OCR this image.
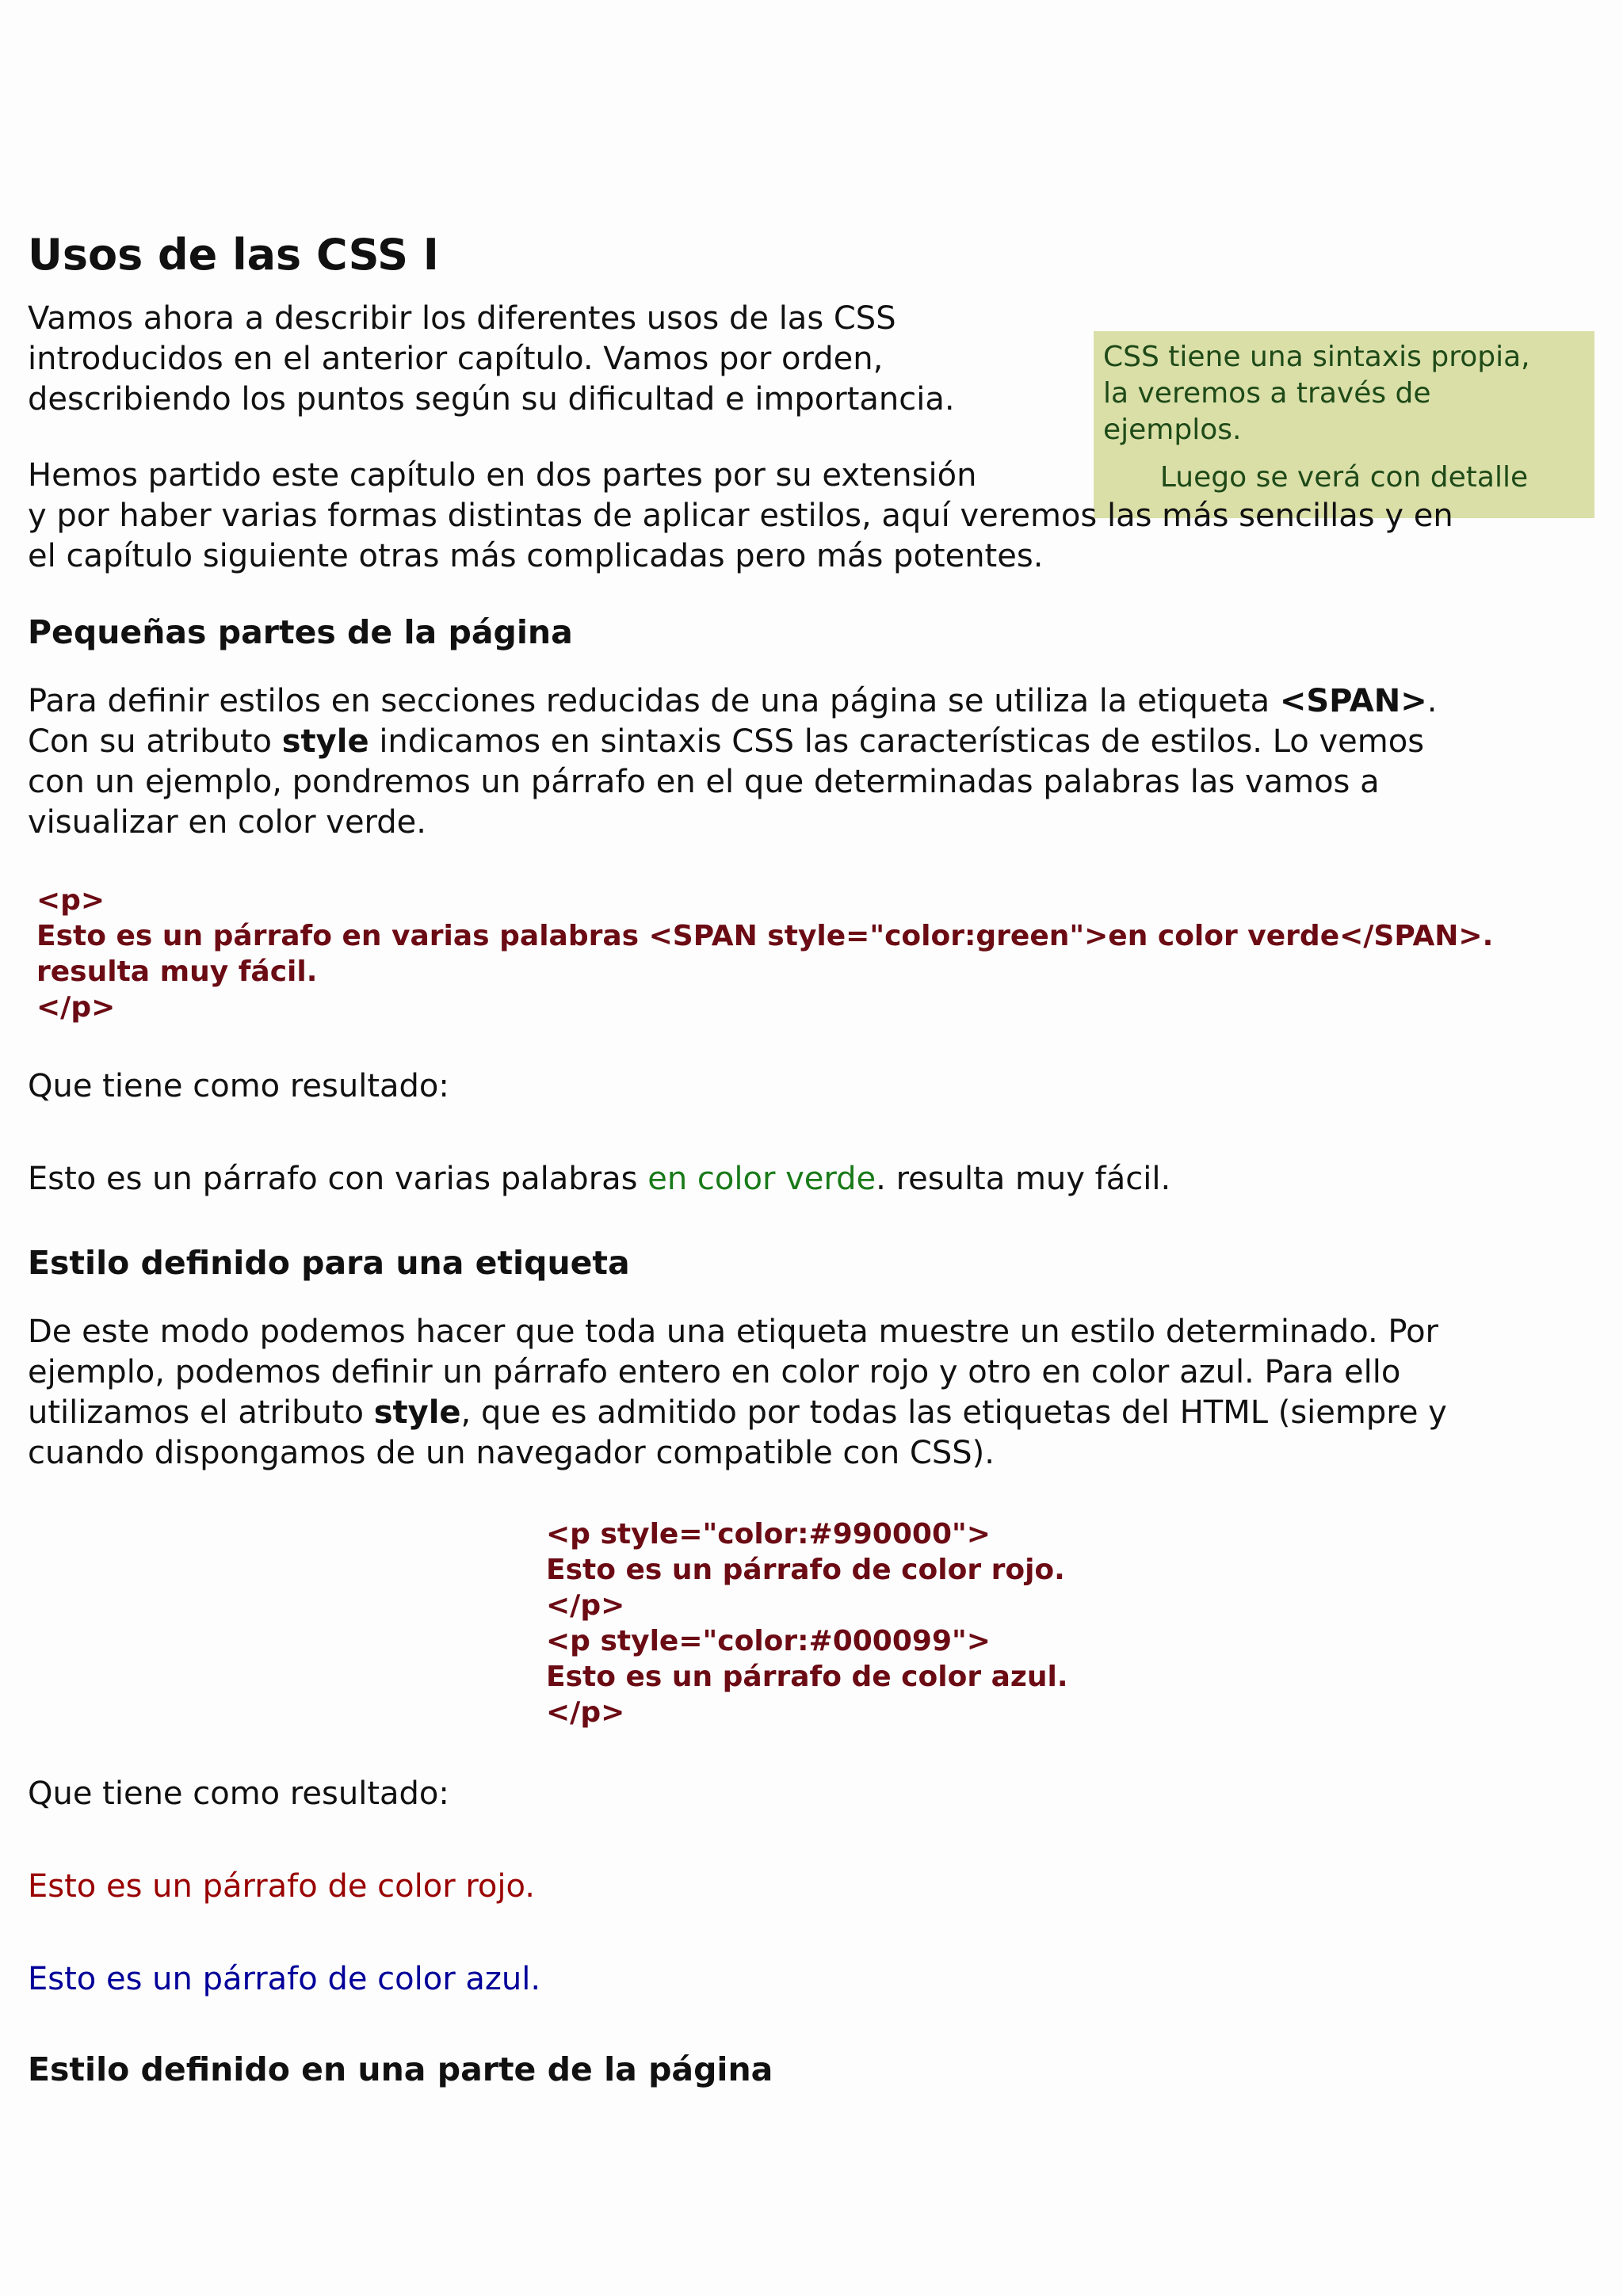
CSS tiene una sintaxis propia,
la veremos a través de
ejemplos.

Luego se verá con detalle

Usos de las CSS I

Vamos ahora a describir los diferentes usos de las CSS
introducidos en el anterior capítulo. Vamos por orden,
describiendo los puntos según su dificultad e importancia.

Hemos partido este capítulo en dos partes por su extensión
y por haber varias formas distintas de aplicar estilos, aquí veremos las más sencillas y en
el capítulo siguiente otras más complicadas pero más potentes.

Pequeñas partes de la página

Para definir estilos en secciones reducidas de una página se utiliza la etiqueta <SPAN>.
Con su atributo style indicamos en sintaxis CSS las características de estilos. Lo vemos
con un ejemplo, pondremos un párrafo en el que determinadas palabras las vamos a
visualizar en color verde.

<p>
Esto es un párrafo en varias palabras <SPAN style="color:green">en color verde</SPAN>.
resulta muy fácil.
</p>

Que tiene como resultado:

Esto es un párrafo con varias palabras en color verde. resulta muy fácil.

Estilo definido para una etiqueta

De este modo podemos hacer que toda una etiqueta muestre un estilo determinado. Por
ejemplo, podemos definir un párrafo entero en color rojo y otro en color azul. Para ello
utilizamos el atributo style, que es admitido por todas las etiquetas del HTML (siempre y
cuando dispongamos de un navegador compatible con CSS).

<p style="color:#990000">
Esto es un párrafo de color rojo.
</p>
<p style="color:#000099">
Esto es un párrafo de color azul.
</p>

Que tiene como resultado:

Esto es un párrafo de color rojo.

Esto es un párrafo de color azul.

Estilo definido en una parte de la página
